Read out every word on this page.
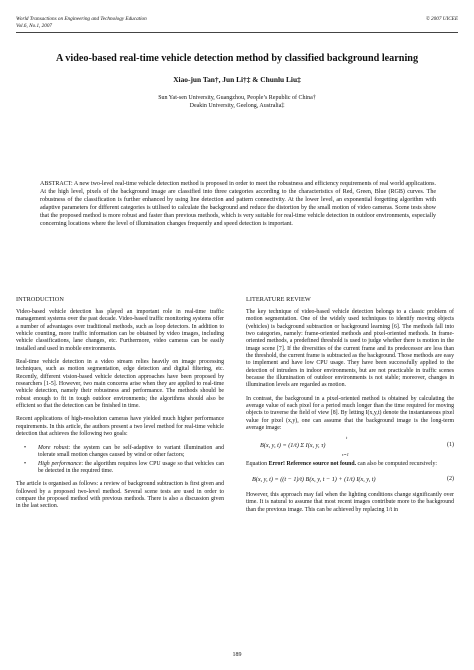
World Transactions on Engineering and Technology Education
Vol.6, No.1, 2007
© 2007 UICEE
A video-based real-time vehicle detection method by classified background learning
Xiao-jun Tan†, Jun Li†‡ & Chunlu Liu‡
Sun Yat-sen University, Guangzhou, People’s Republic of China†
Deakin University, Geelong, Australia‡
ABSTRACT: A new two-level real-time vehicle detection method is proposed in order to meet the robustness and efficiency requirements of real world applications. At the high level, pixels of the background image are classified into three categories according to the characteristics of Red, Green, Blue (RGB) curves. The robustness of the classification is further enhanced by using line detection and pattern connectivity. At the lower level, an exponential forgetting algorithm with adaptive parameters for different categories is utilised to calculate the background and reduce the distortion by the small motion of video cameras. Scene tests show that the proposed method is more robust and faster than previous methods, which is very suitable for real-time vehicle detection in outdoor environments, especially concerning locations where the level of illumination changes frequently and speed detection is important.
INTRODUCTION

Video-based vehicle detection has played an important role in real-time traffic management systems over the past decade. Video-based traffic monitoring systems offer a number of advantages over traditional methods, such as loop detectors. In addition to vehicle counting, more traffic information can be obtained by video images, including vehicle classifications, lane changes, etc. Furthermore, video cameras can be easily installed and used in mobile environments.

Real-time vehicle detection in a video stream relies heavily on image processing techniques, such as motion segmentation, edge detection and digital filtering, etc. Recently, different vision-based vehicle detection approaches have been proposed by researchers [1-5]. However, two main concerns arise when they are applied to real-time vehicle detection, namely their robustness and performance. The methods should be robust enough to fit in tough outdoor environments; the algorithms should also be efficient so that the detection can be finished in time.

Recent applications of high-resolution cameras have yielded much higher performance requirements. In this article, the authors present a two level method for real-time vehicle detection that achieves the following two goals:

• More robust: the system can be self-adaptive to variant illumination and tolerate small motion changes caused by wind or other factors;
• High performance: the algorithm requires low CPU usage so that vehicles can be detected in the required time.

The article is organised as follows: a review of background subtraction is first given and followed by a proposed two-level method. Several scene tests are used in order to compare the proposed method with previous methods. There is also a discussion given in the last section.

LITERATURE REVIEW

The key technique of video-based vehicle detection belongs to a classic problem of motion segmentation. One of the widely used techniques to identify moving objects (vehicles) is background subtraction or background learning [6]. The methods fall into two categories, namely: frame-oriented methods and pixel-oriented methods. In frame-oriented methods, a predefined threshold is used to judge whether there is motion in the image scene [7]. If the diversities of the current frame and its predecessor are less than the threshold, the current frame is subtracted as the background. Those methods are easy to implement and have low CPU usage. They have been successfully applied to the detection of intruders in indoor environments, but are not practicable in traffic scenes because the illumination of outdoor environments is not stable; moreover, changes in illumination levels are regarded as motion.

In contrast, the background in a pixel-oriented method is obtained by calculating the average value of each pixel for a period much longer than the time required for moving objects to traverse the field of view [8]. By letting I(x,y,t) denote the instantaneous pixel value for pixel (x,y), one can assume that the background image is the long-term average image:

B(x, y, t) = (1/t) Σ I(x, y, τ)
t
τ=1
(1)

Equation Error! Reference source not found. can also be computed recursively:

B(x, y, t) = ((t − 1)/t) B(x, y, t − 1) + (1/t) I(x, y, t)	(2)

However, this approach may fail when the lighting conditions change significantly over time. It is natural to assume that most recent images contribute more to the background than the previous image. This can be achieved by replacing 1/t in

189
